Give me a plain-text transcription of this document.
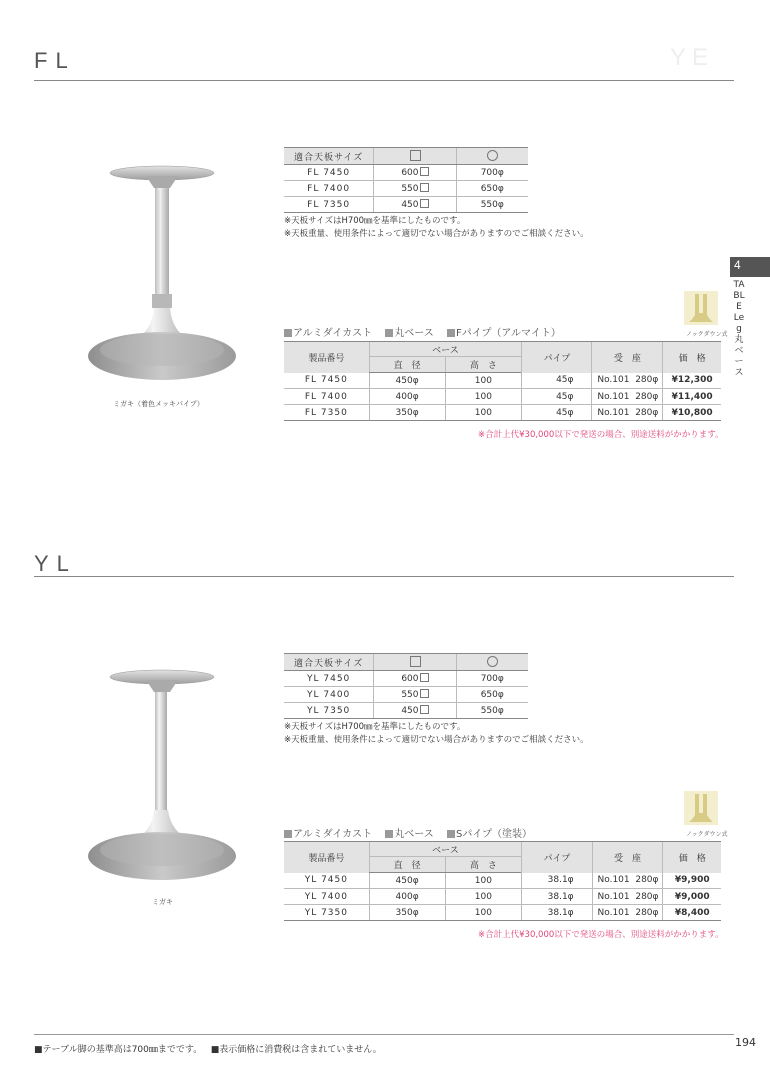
4
TABLE Leg 丸ベース
FL	YE
ミガキ（着色メッキパイプ）
適合天板サイズ		
FL 7450	600	700φ
FL 7400	550	650φ
FL 7350	450	550φ
※天板サイズはH700㎜を基準にしたものです。
※天板重量、使用条件によって適切でない場合がありますのでご相談ください。
ノックダウン式
アルミダイカスト 丸ベース Fパイプ（アルマイト）
製品番号	ベース		パイプ	受　座	価　格
	直　径	高　さ			
FL 7450	450φ	100	45φ	No.101 280φ	¥12,300
FL 7400	400φ	100	45φ	No.101 280φ	¥11,400
FL 7350	350φ	100	45φ	No.101 280φ	¥10,800
※合計上代¥30,000以下で発送の場合、別途送料がかかります。
YL
ミガキ
適合天板サイズ		
YL 7450	600	700φ
YL 7400	550	650φ
YL 7350	450	550φ
※天板サイズはH700㎜を基準にしたものです。
※天板重量、使用条件によって適切でない場合がありますのでご相談ください。
ノックダウン式
アルミダイカスト 丸ベース Sパイプ（塗装）
製品番号	ベース		パイプ	受　座	価　格
	直　径	高　さ			
YL 7450	450φ	100	38.1φ	No.101 280φ	¥9,900
YL 7400	400φ	100	38.1φ	No.101 280φ	¥9,000
YL 7350	350φ	100	38.1φ	No.101 280φ	¥8,400
※合計上代¥30,000以下で発送の場合、別途送料がかかります。
■テーブル脚の基準高は700㎜までです。 ■表示価格に消費税は含まれていません。
194
